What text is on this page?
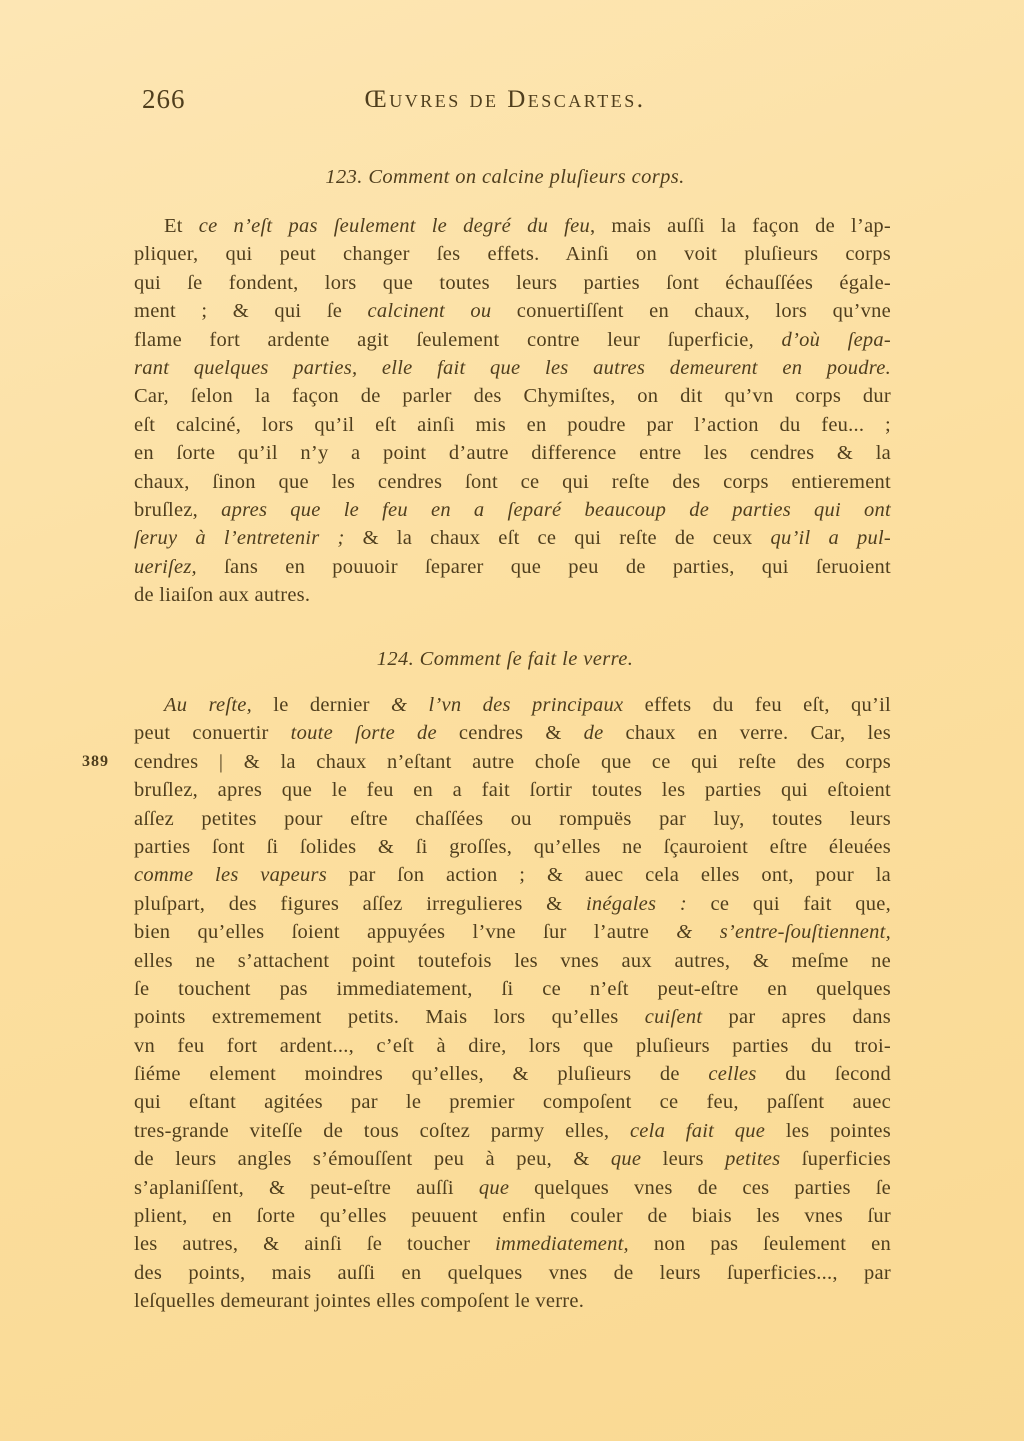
266	Œuvres de Descartes.
389
123. Comment on calcine pluſieurs corps.
Et ce n’eſt pas ſeulement le degré du feu, mais auſſi la façon de l’ap-
pliquer, qui peut changer ſes effets. Ainſi on voit pluſieurs corps
qui ſe fondent, lors que toutes leurs parties ſont échauſſées égale-
ment ; & qui ſe calcinent ou conuertiſſent en chaux, lors qu’vne
flame fort ardente agit ſeulement contre leur ſuperficie, d’où ſepa-
rant quelques parties, elle fait que les autres demeurent en poudre.
Car, ſelon la façon de parler des Chymiſtes, on dit qu’vn corps dur
eſt calciné, lors qu’il eſt ainſi mis en poudre par l’action du feu... ;
en ſorte qu’il n’y a point d’autre difference entre les cendres & la
chaux, ſinon que les cendres ſont ce qui reſte des corps entierement
bruſlez, apres que le feu en a ſeparé beaucoup de parties qui ont
ſeruy à l’entretenir ; & la chaux eſt ce qui reſte de ceux qu’il a pul-
ueriſez, ſans en pouuoir ſeparer que peu de parties, qui ſeruoient
de liaiſon aux autres.
124. Comment ſe fait le verre.
Au reſte, le dernier & l’vn des principaux effets du feu eſt, qu’il
peut conuertir toute ſorte de cendres & de chaux en verre. Car, les
cendres | & la chaux n’eſtant autre choſe que ce qui reſte des corps
bruſlez, apres que le feu en a fait ſortir toutes les parties qui eſtoient
aſſez petites pour eſtre chaſſées ou rompuës par luy, toutes leurs
parties ſont ſi ſolides & ſi groſſes, qu’elles ne ſçauroient eſtre éleuées
comme les vapeurs par ſon action ; & auec cela elles ont, pour la
pluſpart, des figures aſſez irregulieres & inégales : ce qui fait que,
bien qu’elles ſoient appuyées l’vne ſur l’autre & s’entre-ſouſtiennent,
elles ne s’attachent point toutefois les vnes aux autres, & meſme ne
ſe touchent pas immediatement, ſi ce n’eſt peut-eſtre en quelques
points extremement petits. Mais lors qu’elles cuiſent par apres dans
vn feu fort ardent..., c’eſt à dire, lors que pluſieurs parties du troi-
ſiéme element moindres qu’elles, & pluſieurs de celles du ſecond
qui eſtant agitées par le premier compoſent ce feu, paſſent auec
tres-grande viteſſe de tous coſtez parmy elles, cela fait que les pointes
de leurs angles s’émouſſent peu à peu, & que leurs petites ſuperficies
s’aplaniſſent, & peut-eſtre auſſi que quelques vnes de ces parties ſe
plient, en ſorte qu’elles peuuent enfin couler de biais les vnes ſur
les autres, & ainſi ſe toucher immediatement, non pas ſeulement en
des points, mais auſſi en quelques vnes de leurs ſuperficies..., par
leſquelles demeurant jointes elles compoſent le verre.
